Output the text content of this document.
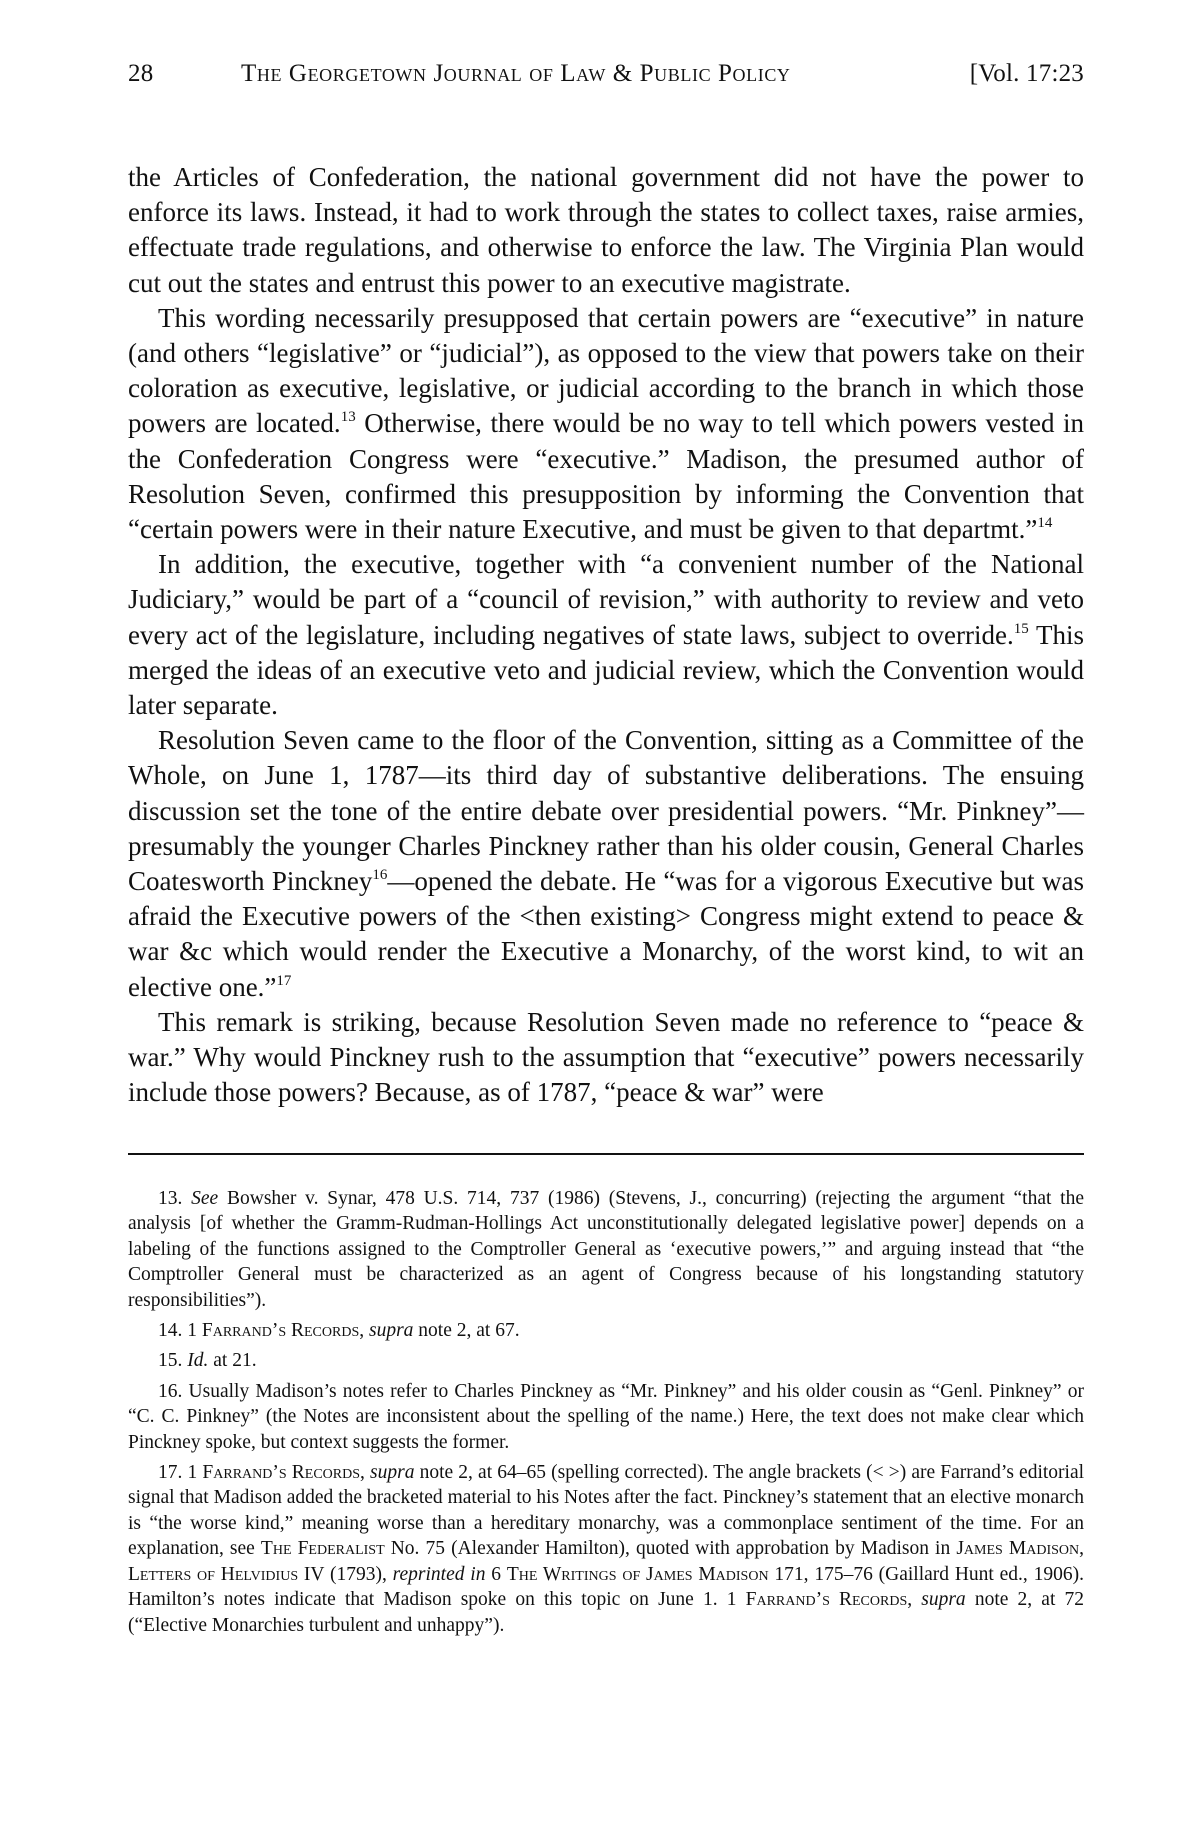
28	The Georgetown Journal of Law & Public Policy	[Vol. 17:23

the Articles of Confederation, the national government did not have the power to enforce its laws. Instead, it had to work through the states to collect taxes, raise armies, effectuate trade regulations, and otherwise to enforce the law. The Virginia Plan would cut out the states and entrust this power to an executive magistrate.

This wording necessarily presupposed that certain powers are “executive” in nature (and others “legislative” or “judicial”), as opposed to the view that powers take on their coloration as executive, legislative, or judicial according to the branch in which those powers are located.$^{13}$ Otherwise, there would be no way to tell which powers vested in the Confederation Congress were “executive.” Madison, the presumed author of Resolution Seven, confirmed this presupposition by informing the Convention that “certain powers were in their nature Executive, and must be given to that departmt.”$^{14}$

In addition, the executive, together with “a convenient number of the National Judiciary,” would be part of a “council of revision,” with authority to review and veto every act of the legislature, including negatives of state laws, subject to override.$^{15}$ This merged the ideas of an executive veto and judicial review, which the Convention would later separate.

Resolution Seven came to the floor of the Convention, sitting as a Committee of the Whole, on June 1, 1787—its third day of substantive deliberations. The ensuing discussion set the tone of the entire debate over presidential powers. “Mr. Pinkney”—presumably the younger Charles Pinckney rather than his older cousin, General Charles Coatesworth Pinckney$^{16}$—opened the debate. He “was for a vigorous Executive but was afraid the Executive powers of the <then existing> Congress might extend to peace & war &c which would render the Executive a Monarchy, of the worst kind, to wit an elective one.”$^{17}$

This remark is striking, because Resolution Seven made no reference to “peace & war.” Why would Pinckney rush to the assumption that “executive” powers necessarily include those powers? Because, as of 1787, “peace & war” were

13. See Bowsher v. Synar, 478 U.S. 714, 737 (1986) (Stevens, J., concurring) (rejecting the argument “that the analysis [of whether the Gramm-Rudman-Hollings Act unconstitutionally delegated legislative power] depends on a labeling of the functions assigned to the Comptroller General as ‘executive powers,’” and arguing instead that “the Comptroller General must be characterized as an agent of Congress because of his longstanding statutory responsibilities”).

14. 1 Farrand’s Records, supra note 2, at 67.

15. Id. at 21.

16. Usually Madison’s notes refer to Charles Pinckney as “Mr. Pinkney” and his older cousin as “Genl. Pinkney” or “C. C. Pinkney” (the Notes are inconsistent about the spelling of the name.) Here, the text does not make clear which Pinckney spoke, but context suggests the former.

17. 1 Farrand’s Records, supra note 2, at 64–65 (spelling corrected). The angle brackets (< >) are Farrand’s editorial signal that Madison added the bracketed material to his Notes after the fact. Pinckney’s statement that an elective monarch is “the worse kind,” meaning worse than a hereditary monarchy, was a commonplace sentiment of the time. For an explanation, see The Federalist No. 75 (Alexander Hamilton), quoted with approbation by Madison in James Madison, Letters of Helvidius IV (1793), reprinted in 6 The Writings of James Madison 171, 175–76 (Gaillard Hunt ed., 1906). Hamilton’s notes indicate that Madison spoke on this topic on June 1. 1 Farrand’s Records, supra note 2, at 72 (“Elective Monarchies turbulent and unhappy”).
